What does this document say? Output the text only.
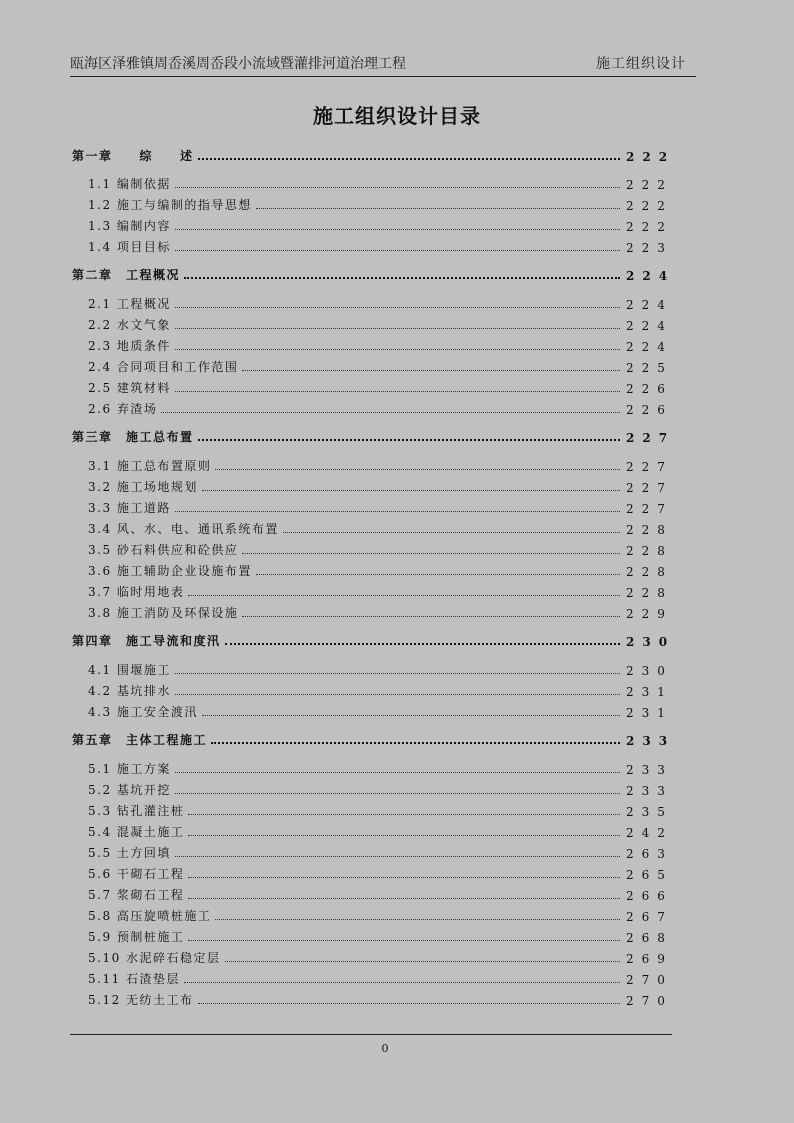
瓯海区泽雅镇周岙溪周岙段小流域暨灌排河道治理工程	施工组织设计
施工组织设计目录
第一章　　综　　述	222
1.1 编制依据	222
1.2 施工与编制的指导思想	222
1.3 编制内容	222
1.4 项目目标	223
第二章　工程概况	224
2.1 工程概况	224
2.2 水文气象	224
2.3 地质条件	224
2.4 合同项目和工作范围	225
2.5 建筑材料	226
2.6 弃渣场	226
第三章　施工总布置	227
3.1 施工总布置原则	227
3.2 施工场地规划	227
3.3 施工道路	227
3.4 风、水、电、通讯系统布置	228
3.5 砂石料供应和砼供应	228
3.6 施工辅助企业设施布置	228
3.7 临时用地表	228
3.8 施工消防及环保设施	229
第四章　施工导流和度汛	230
4.1 围堰施工	230
4.2 基坑排水	231
4.3 施工安全渡汛	231
第五章　主体工程施工	233
5.1 施工方案	233
5.2 基坑开挖	233
5.3 钻孔灌注桩	235
5.4 混凝土施工	242
5.5 土方回填	263
5.6 干砌石工程	265
5.7 浆砌石工程	266
5.8 高压旋喷桩施工	267
5.9 预制桩施工	268
5.10 水泥碎石稳定层	269
5.11 石渣垫层	270
5.12 无纺土工布	270
0
